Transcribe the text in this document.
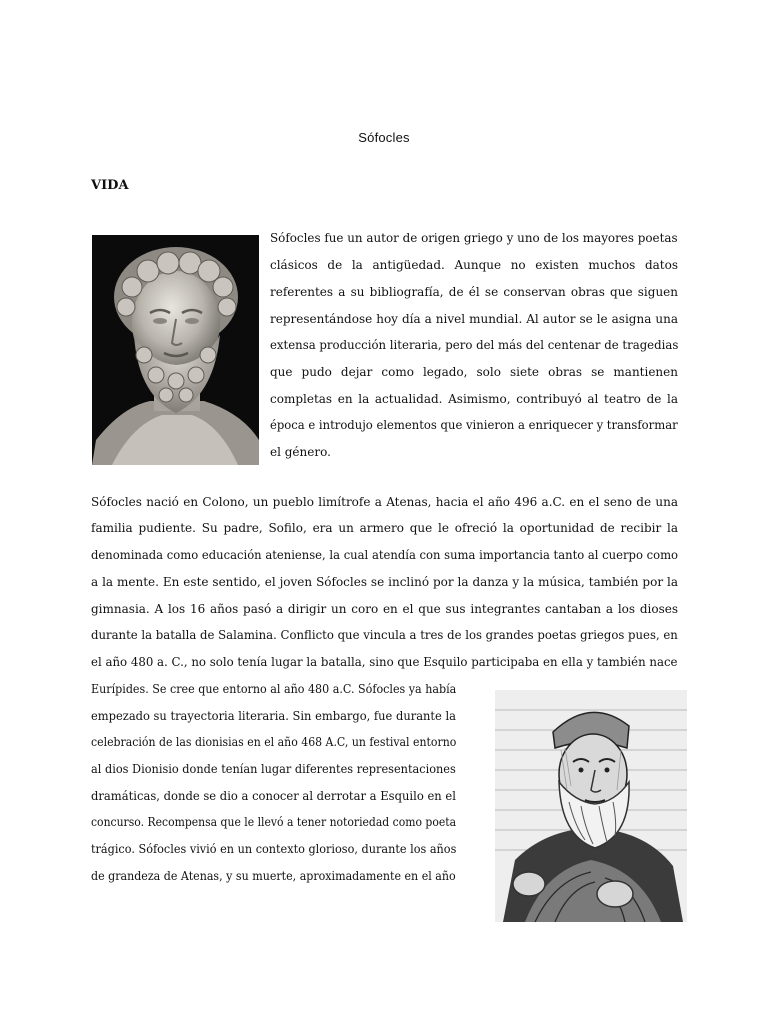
Sófocles
VIDA
Sófocles fue un autor de origen griego y uno de los mayores poetas
clásicos de la antigüedad. Aunque no existen muchos datos
referentes a su bibliografía, de él se conservan obras que siguen
representándose hoy día a nivel mundial. Al autor se le asigna una
extensa producción literaria, pero del más del centenar de tragedias
que pudo dejar como legado, solo siete obras se mantienen
completas en la actualidad. Asimismo, contribuyó al teatro de la
época e introdujo elementos que vinieron a enriquecer y transformar
el género.
Sófocles nació en Colono, un pueblo limítrofe a Atenas, hacia el año 496 a.C. en el seno de una
familia pudiente. Su padre, Sofilo, era un armero que le ofreció la oportunidad de recibir la
denominada como educación ateniense, la cual atendía con suma importancia tanto al cuerpo como
a la mente. En este sentido, el joven Sófocles se inclinó por la danza y la música, también por la
gimnasia. A los 16 años pasó a dirigir un coro en el que sus integrantes cantaban a los dioses
durante la batalla de Salamina. Conflicto que vincula a tres de los grandes poetas griegos pues, en
el año 480 a. C., no solo tenía lugar la batalla, sino que Esquilo participaba en ella y también nace
Eurípides. Se cree que entorno al año 480 a.C. Sófocles ya había
empezado su trayectoria literaria. Sin embargo, fue durante la
celebración de las dionisias en el año 468 A.C, un festival entorno
al dios Dionisio donde tenían lugar diferentes representaciones
dramáticas, donde se dio a conocer al derrotar a Esquilo en el
concurso. Recompensa que le llevó a tener notoriedad como poeta
trágico. Sófocles vivió en un contexto glorioso, durante los años
de grandeza de Atenas, y su muerte, aproximadamente en el año
